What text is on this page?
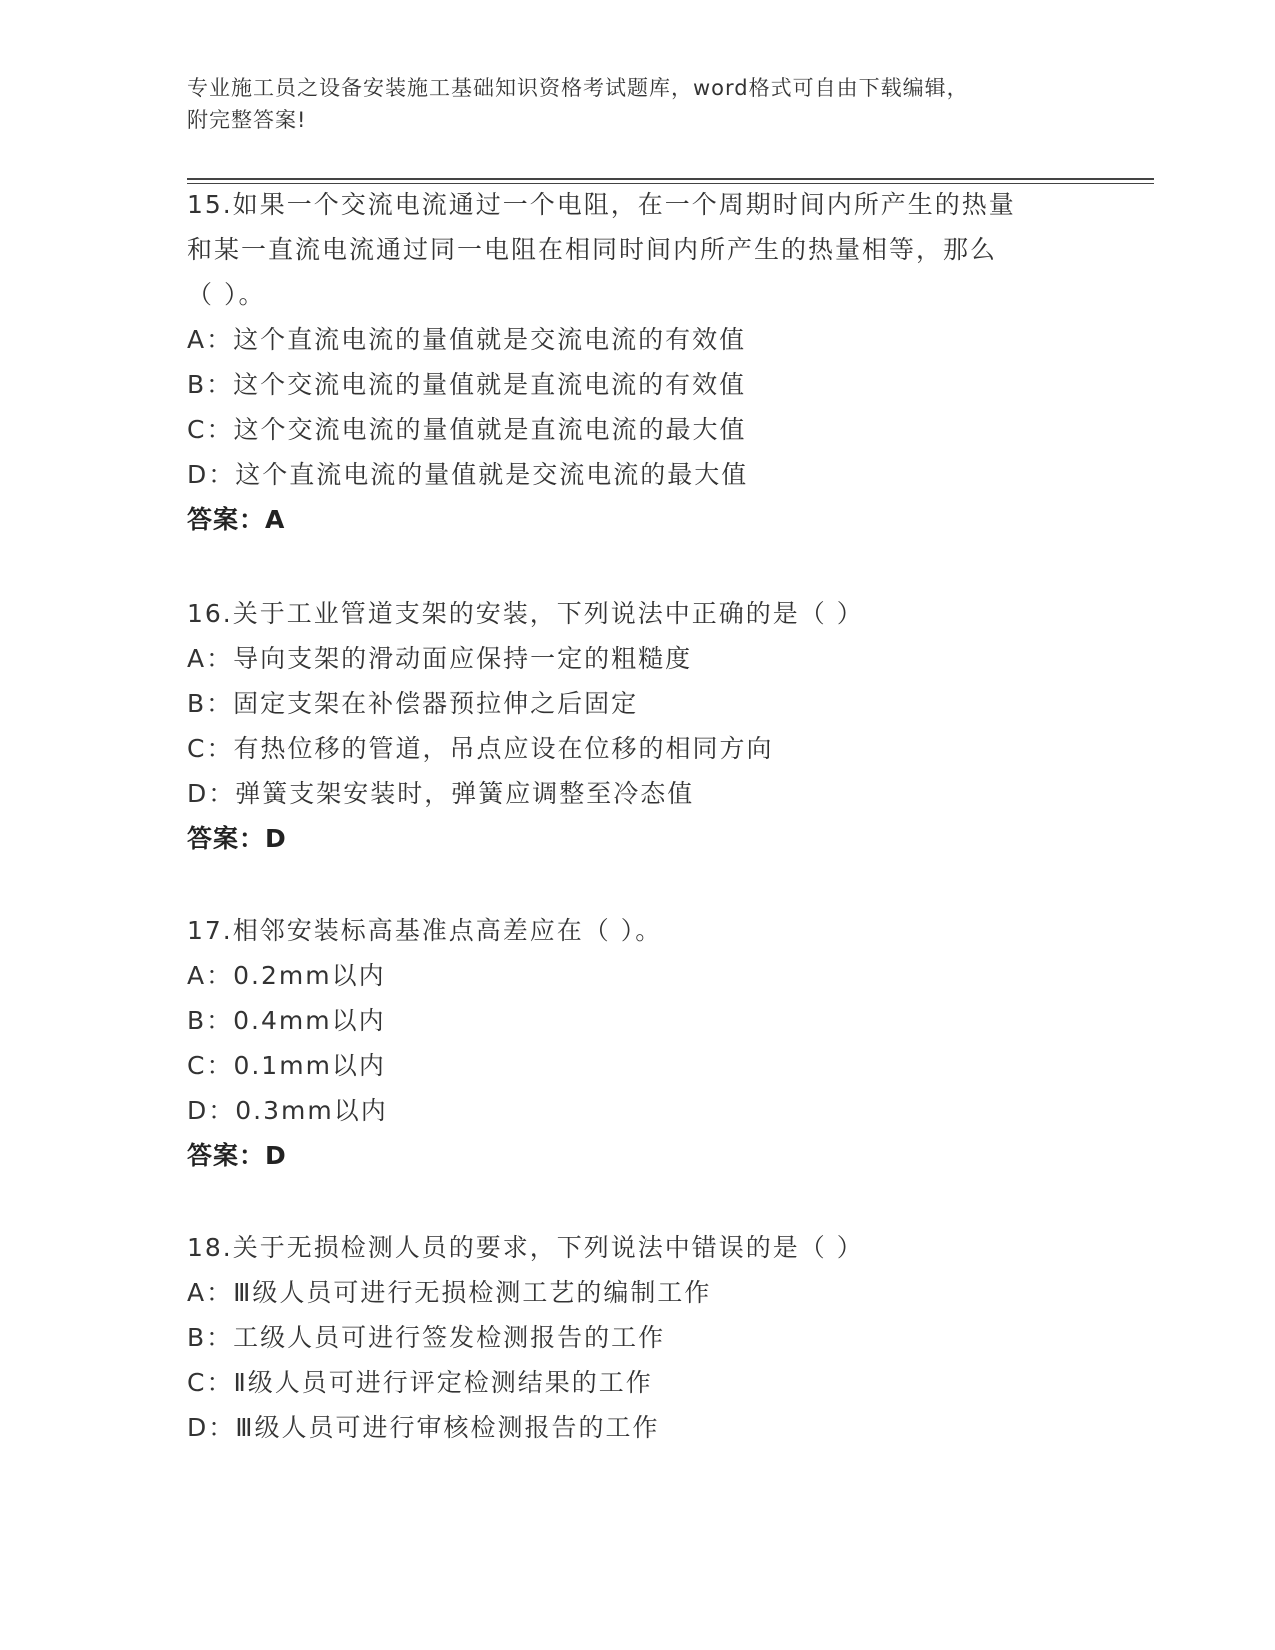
专业施工员之设备安装施工基础知识资格考试题库，word格式可自由下载编辑，
附完整答案!
15.如果一个交流电流通过一个电阻，在一个周期时间内所产生的热量
和某一直流电流通过同一电阻在相同时间内所产生的热量相等，那么
（ ）。
A：这个直流电流的量值就是交流电流的有效值
B：这个交流电流的量值就是直流电流的有效值
C：这个交流电流的量值就是直流电流的最大值
D：这个直流电流的量值就是交流电流的最大值
答案：A
16.关于工业管道支架的安装，下列说法中正确的是（ ）
A：导向支架的滑动面应保持一定的粗糙度
B：固定支架在补偿器预拉伸之后固定
C：有热位移的管道，吊点应设在位移的相同方向
D：弹簧支架安装时，弹簧应调整至冷态值
答案：D
17.相邻安装标高基准点高差应在（ ）。
A：0.2mm以内
B：0.4mm以内
C：0.1mm以内
D：0.3mm以内
答案：D
18.关于无损检测人员的要求，下列说法中错误的是（ ）
A：Ⅲ级人员可进行无损检测工艺的编制工作
B：工级人员可进行签发检测报告的工作
C：Ⅱ级人员可进行评定检测结果的工作
D：Ⅲ级人员可进行审核检测报告的工作
